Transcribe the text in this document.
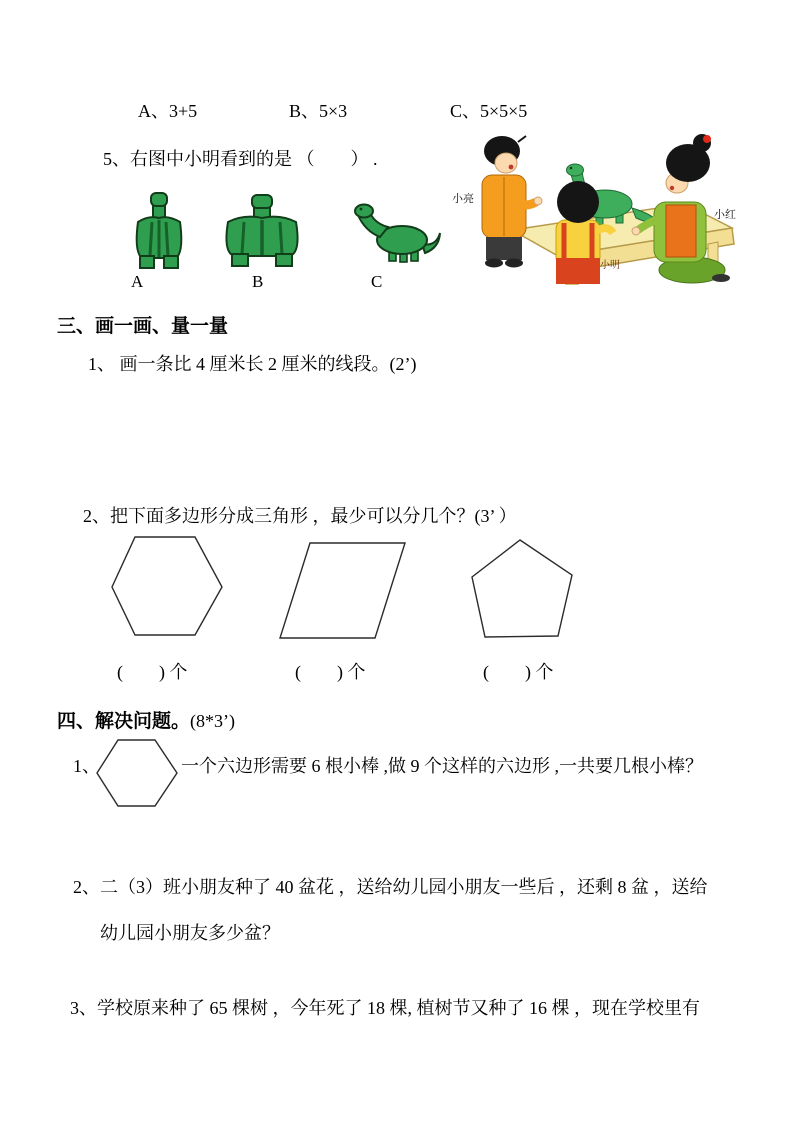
A、3+5	B、5×3	C、5×5×5
5、右图中小明看到的是 （        ） .
小亮
小明
小红
A	B	C
三、画一画、量一量
1、 画一条比 4 厘米长 2 厘米的线段。(2’)
2、把下面多边形分成三角形 ，最少可以分几个？(3’ ）
(        ) 个	(        ) 个	(        ) 个
四、解决问题。(8*3’)
1、	一个六边形需要 6 根小棒 ,做 9 个这样的六边形 ,一共要几根小棒？
2、二（3）班小朋友种了 40 盆花 ，送给幼儿园小朋友一些后 ，还剩 8 盆 ，送给
幼儿园小朋友多少盆？
3、学校原来种了 65 棵树 ，今年死了 18 棵, 植树节又种了 16 棵 ，现在学校里有
